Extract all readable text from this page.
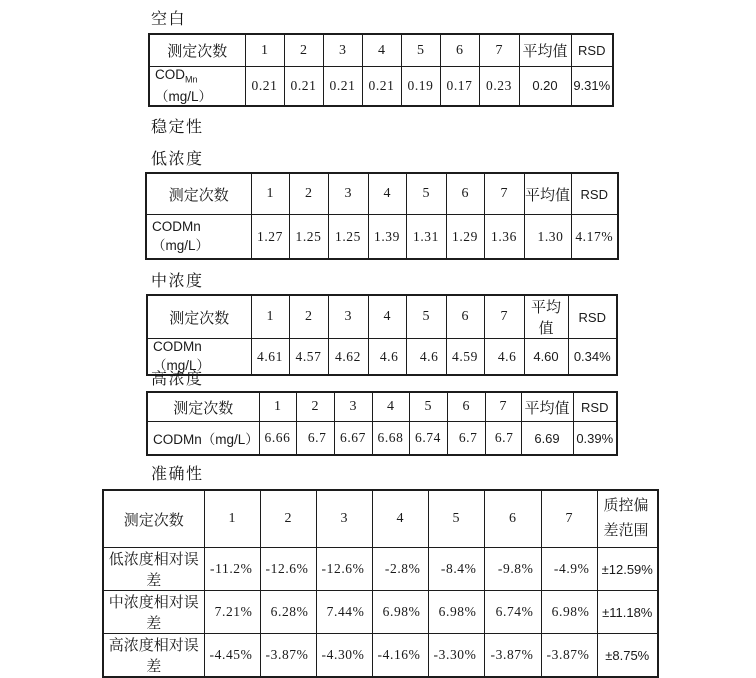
空白
测定次数	1	2	3	4	5	6	7	平均值	RSD
$COD_{Mn}(mg/L)$	0.21	0.21	0.21	0.21	0.19	0.17	0.23	0.20	9.31%
稳定性
低浓度
测定次数	1	2	3	4	5	6	7	平均值	RSD
CODMn（mg/L）	1.27	1.25	1.25	1.39	1.31	1.29	1.36	1.30	4.17%
中浓度
测定次数	1	2	3	4	5	6	7	平均值	RSD
CODMn（mg/L）	4.61	4.57	4.62	4.6	4.6	4.59	4.6	4.60	0.34%
高浓度
测定次数	1	2	3	4	5	6	7	平均值	RSD
CODMn（mg/L）	6.66	6.7	6.67	6.68	6.74	6.7	6.7	6.69	0.39%
准确性
测定次数	1	2	3	4	5	6	7	质控偏差范围
低浓度相对误差	-11.2%	-12.6%	-12.6%	-2.8%	-8.4%	-9.8%	-4.9%	±12.59%
中浓度相对误差	7.21%	6.28%	7.44%	6.98%	6.98%	6.74%	6.98%	±11.18%
高浓度相对误差	-4.45%	-3.87%	-4.30%	-4.16%	-3.30%	-3.87%	-3.87%	±8.75%
